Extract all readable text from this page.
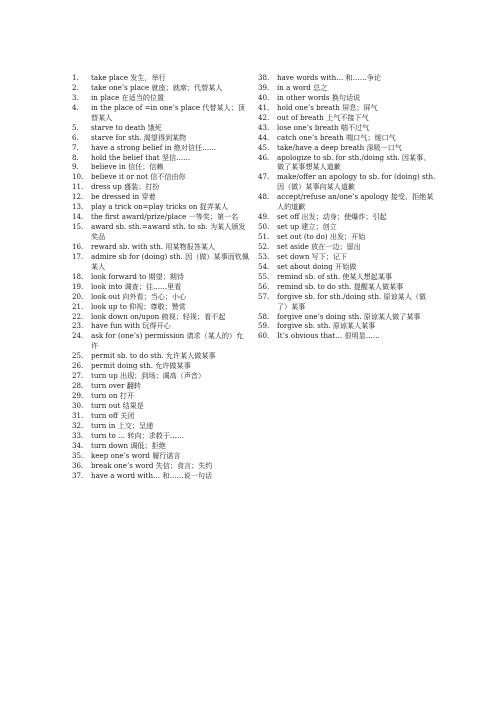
1.	take place 发生，举行
2.	take one’s place 就座；就席；代替某人
3.	in place 在适当的位置
4.	in the place of =in one’s place 代替某人；顶替某人
5.	starve to death 饿死
6.	starve for sth. 渴望得到某物
7.	have a strong belief in 绝对信任……
8.	hold the belief that 坚信……
9.	believe in 信任；信赖
10.	believe it or not 信不信由你
11.	dress up 盛装；打扮
12.	be dressed in 穿着
13.	play a trick on=play tricks on 捉弄某人
14.	the first award/prize/place 一等奖；第一名
15.	award sb. sth.=award sth. to sb. 为某人颁发奖品
16.	reward sb. with sth. 用某物报答某人
17.	admire sb for (doing) sth. 因（做）某事而钦佩某人
18.	look forward to 期望；期待
19.	look into 调查；往……里看
20.	look out 向外看；当心；小心
21.	look up to 仰视；尊敬；赞赏
22.	look down on/upon 俯视；轻视；看不起
23.	have fun with 玩得开心
24.	ask for (one’s) permission 请求（某人的）允许
25.	permit sb. to do sth. 允许某人做某事
26.	permit doing sth. 允许做某事
27.	turn up 出现；到场；调高（声音）
28.	turn over 翻转
29.	turn on 打开
30.	turn out 结果是
31.	turn off 关闭
32.	turn in 上交；呈递
33.	turn to … 转向；求救于……
34.	turn down 调低；拒绝
35.	keep one’s word 履行诺言
36.	break one’s word 失信；食言；失约
37.	have a word with… 和……说一句话
38.	have words with… 和……争论
39.	in a word 总之
40.	in other words 换句话说
41.	hold one’s breath 屏息；屏气
42.	out of breath 上气不接下气
43.	lose one’s breath 喘不过气
44.	catch one’s breath 喘口气；缓口气
45.	take/have a deep breath 深吸一口气
46.	apologize to sb. for sth./doing sth. 因某事、做了某事想某人道歉
47.	make/offer an apology to sb. for (doing) sth. 因（做）某事向某人道歉
48.	accept/refuse an/one’s apology 接受、拒绝某人的道歉
49.	set off 出发；动身；使爆炸；引起
50.	set up 建立；创立
51.	set out (to do) 出发；开始
52.	set aside 放在一边；留出
53.	set down 写下；记下
54.	set about doing 开始做
55.	remind sb. of sth. 使某人想起某事
56.	remind sb. to do sth. 提醒某人做某事
57.	forgive sb. for sth./doing sth. 原谅某人（做了）某事
58.	forgive one’s doing sth. 原谅某人做了某事
59.	forgive sb. sth. 原谅某人某事
60.	It’s obvious that… 很明显……
